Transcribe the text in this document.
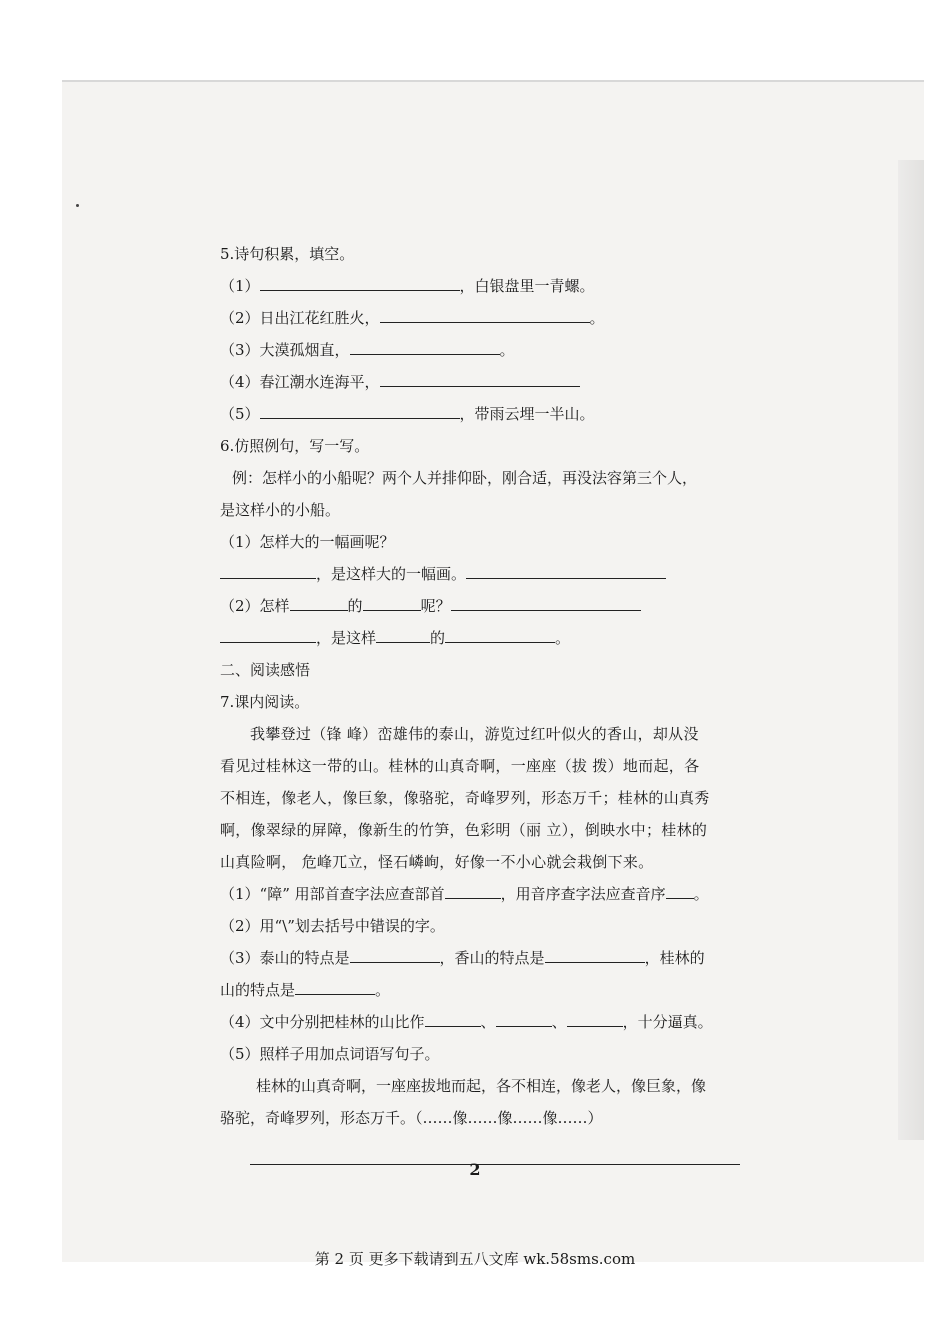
5.诗句积累，填空。
（1）	，白银盘里一青螺。
（2）日出江花红胜火，	。
（3）大漠孤烟直，	。
（4）春江潮水连海平，
（5）	，带雨云埋一半山。
6.仿照例句，写一写。
例：怎样小的小船呢？两个人并排仰卧，刚合适，再没法容第三个人，
是这样小的小船。
（1）怎样大的一幅画呢？
，是这样大的一幅画。
（2）怎样	的	呢？
，是这样	的	。
二、阅读感悟
7.课内阅读。

我攀登过（锋 峰）峦雄伟的泰山，游览过红叶似火的香山，却从没

看见过桂林这一带的山。桂林的山真奇啊，一座座（拔 拨）地而起，各

不相连，像老人，像巨象，像骆驼，奇峰罗列，形态万千；桂林的山真秀

啊，像翠绿的屏障，像新生的竹笋，色彩明（丽 立），倒映水中；桂林的

山真险啊， 危峰兀立，怪石嶙峋，好像一不小心就会栽倒下来。

（1）“障” 用部首查字法应查部首	，用音序查字法应查音序 。
（2）用“\”划去括号中错误的字。
（3）泰山的特点是	，香山的特点是	，桂林的
山的特点是	。
（4）文中分别把桂林的山比作	、	、	，十分逼真。
（5）照样子用加点词语写句子。
桂林的山真奇啊，一座座拔地而起，各不相连，像老人，像巨象，像
骆驼，奇峰罗列，形态万千。（……像……像……像……）
2
第 2 页 更多下载请到五八文库 wk.58sms.com
